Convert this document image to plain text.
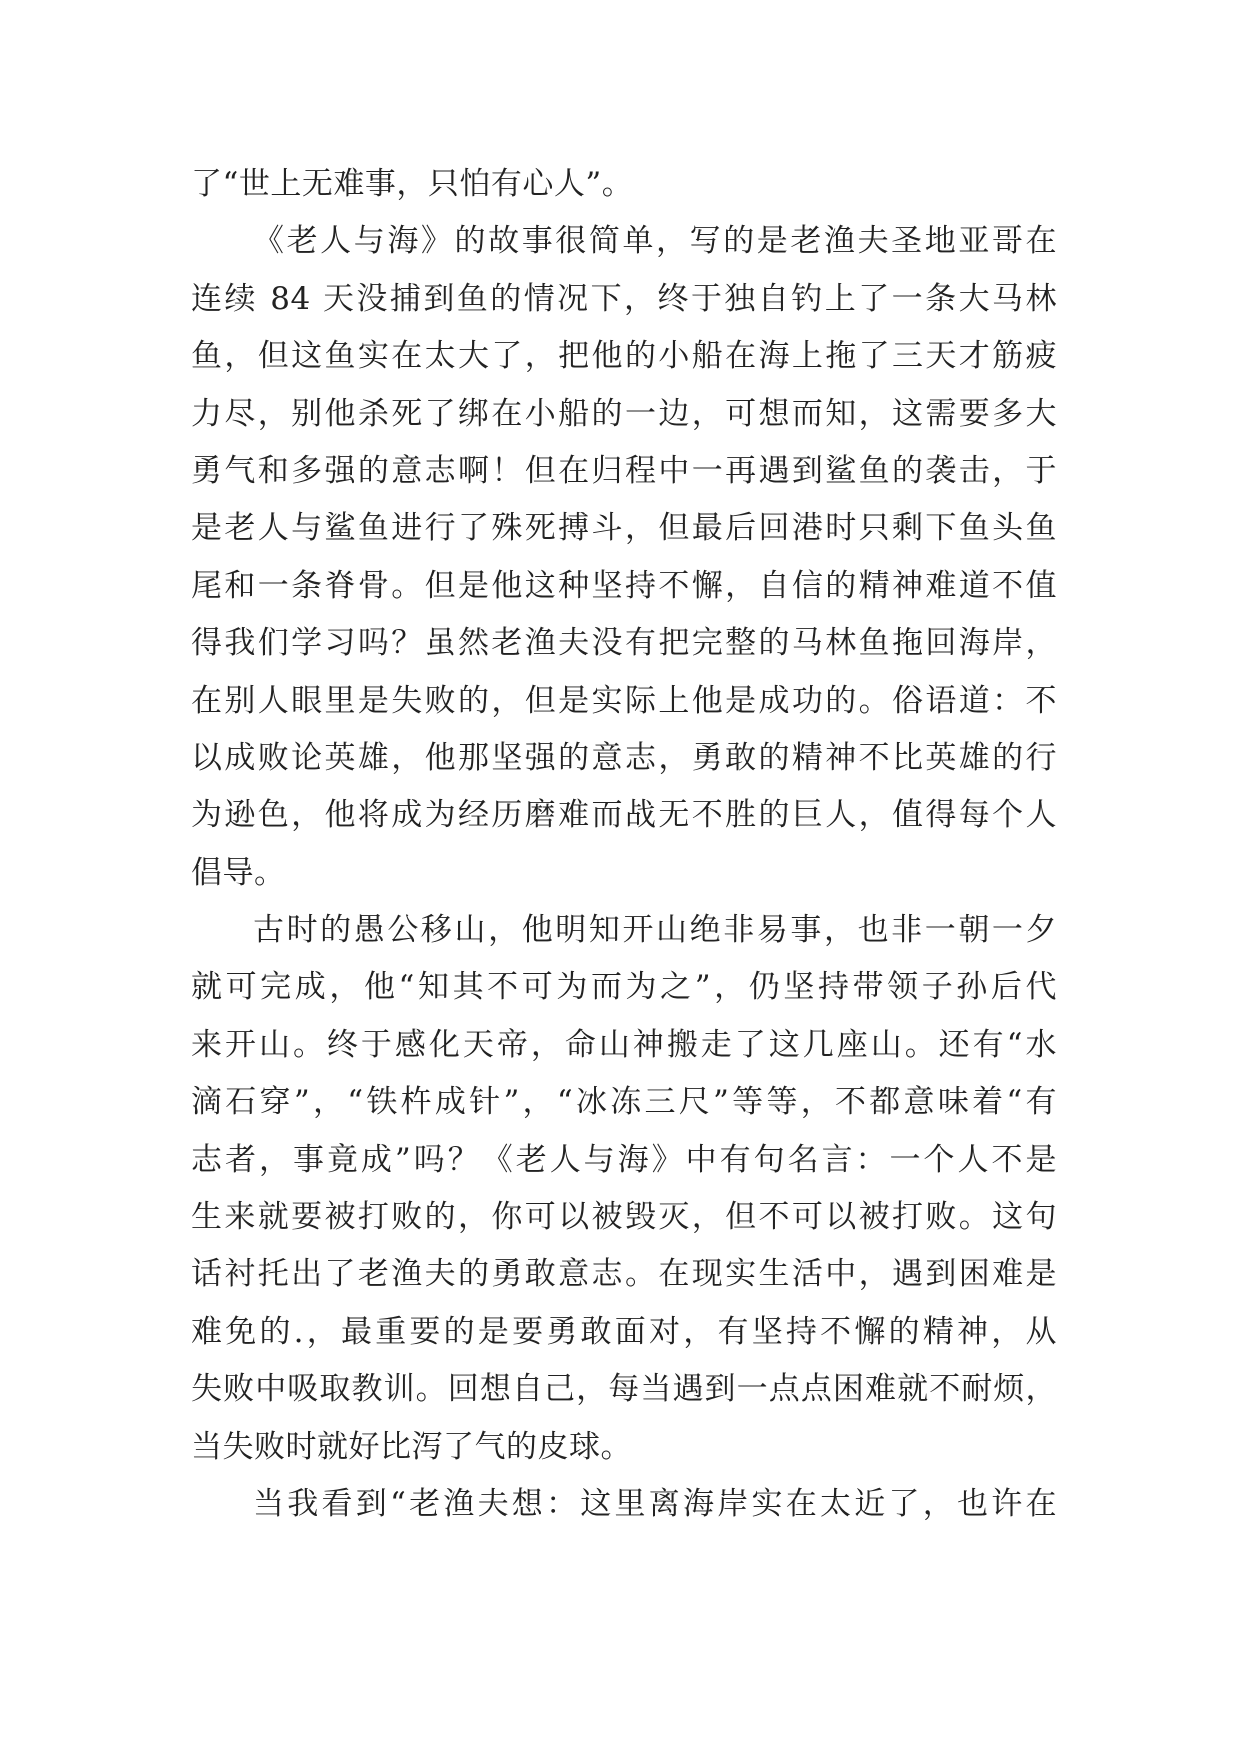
了“世上无难事，只怕有心人”。
《老人与海》的故事很简单，写的是老渔夫圣地亚哥在
连续 84 天没捕到鱼的情况下，终于独自钓上了一条大马林
鱼，但这鱼实在太大了，把他的小船在海上拖了三天才筋疲
力尽，别他杀死了绑在小船的一边，可想而知，这需要多大
勇气和多强的意志啊！但在归程中一再遇到鲨鱼的袭击，于
是老人与鲨鱼进行了殊死搏斗，但最后回港时只剩下鱼头鱼
尾和一条脊骨。但是他这种坚持不懈，自信的精神难道不值
得我们学习吗？虽然老渔夫没有把完整的马林鱼拖回海岸，
在别人眼里是失败的，但是实际上他是成功的。俗语道：不
以成败论英雄，他那坚强的意志，勇敢的精神不比英雄的行
为逊色，他将成为经历磨难而战无不胜的巨人，值得每个人
倡导。
古时的愚公移山，他明知开山绝非易事，也非一朝一夕
就可完成，他“知其不可为而为之”，仍坚持带领子孙后代
来开山。终于感化天帝，命山神搬走了这几座山。还有“水
滴石穿”，“铁杵成针”，“冰冻三尺”等等，不都意味着“有
志者，事竟成”吗？《老人与海》中有句名言：一个人不是
生来就要被打败的，你可以被毁灭，但不可以被打败。这句
话衬托出了老渔夫的勇敢意志。在现实生活中，遇到困难是
难免的.，最重要的是要勇敢面对，有坚持不懈的精神，从
失败中吸取教训。回想自己，每当遇到一点点困难就不耐烦，
当失败时就好比泻了气的皮球。
当我看到“老渔夫想：这里离海岸实在太近了，也许在
